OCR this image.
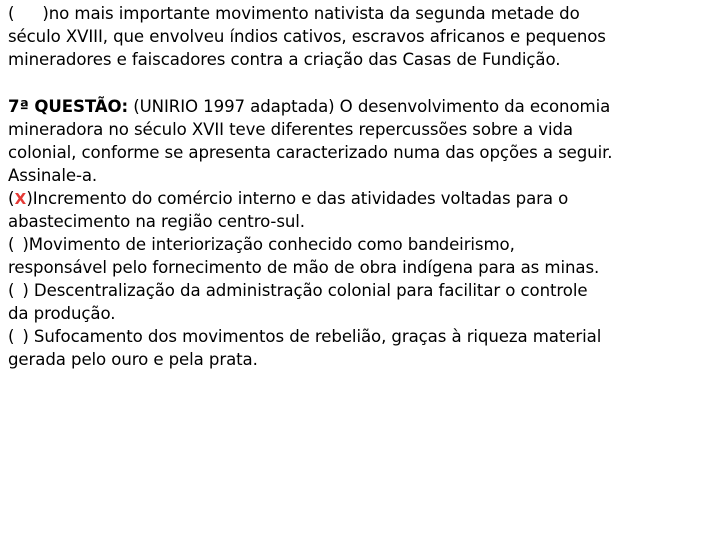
( )no mais importante movimento nativista da segunda metade do
século XVIII, que envolveu índios cativos, escravos africanos e pequenos
mineradores e faiscadores contra a criação das Casas de Fundição.
7ª QUESTÃO: (UNIRIO 1997 adaptada) O desenvolvimento da economia
mineradora no século XVII teve diferentes repercussões sobre a vida
colonial, conforme se apresenta caracterizado numa das opções a seguir.
Assinale-a.
(X)Incremento do comércio interno e das atividades voltadas para o
abastecimento na região centro-sul.
( )Movimento de interiorização conhecido como bandeirismo,
responsável pelo fornecimento de mão de obra indígena para as minas.
( ) Descentralização da administração colonial para facilitar o controle
da produção.
( ) Sufocamento dos movimentos de rebelião, graças à riqueza material
gerada pelo ouro e pela prata.
